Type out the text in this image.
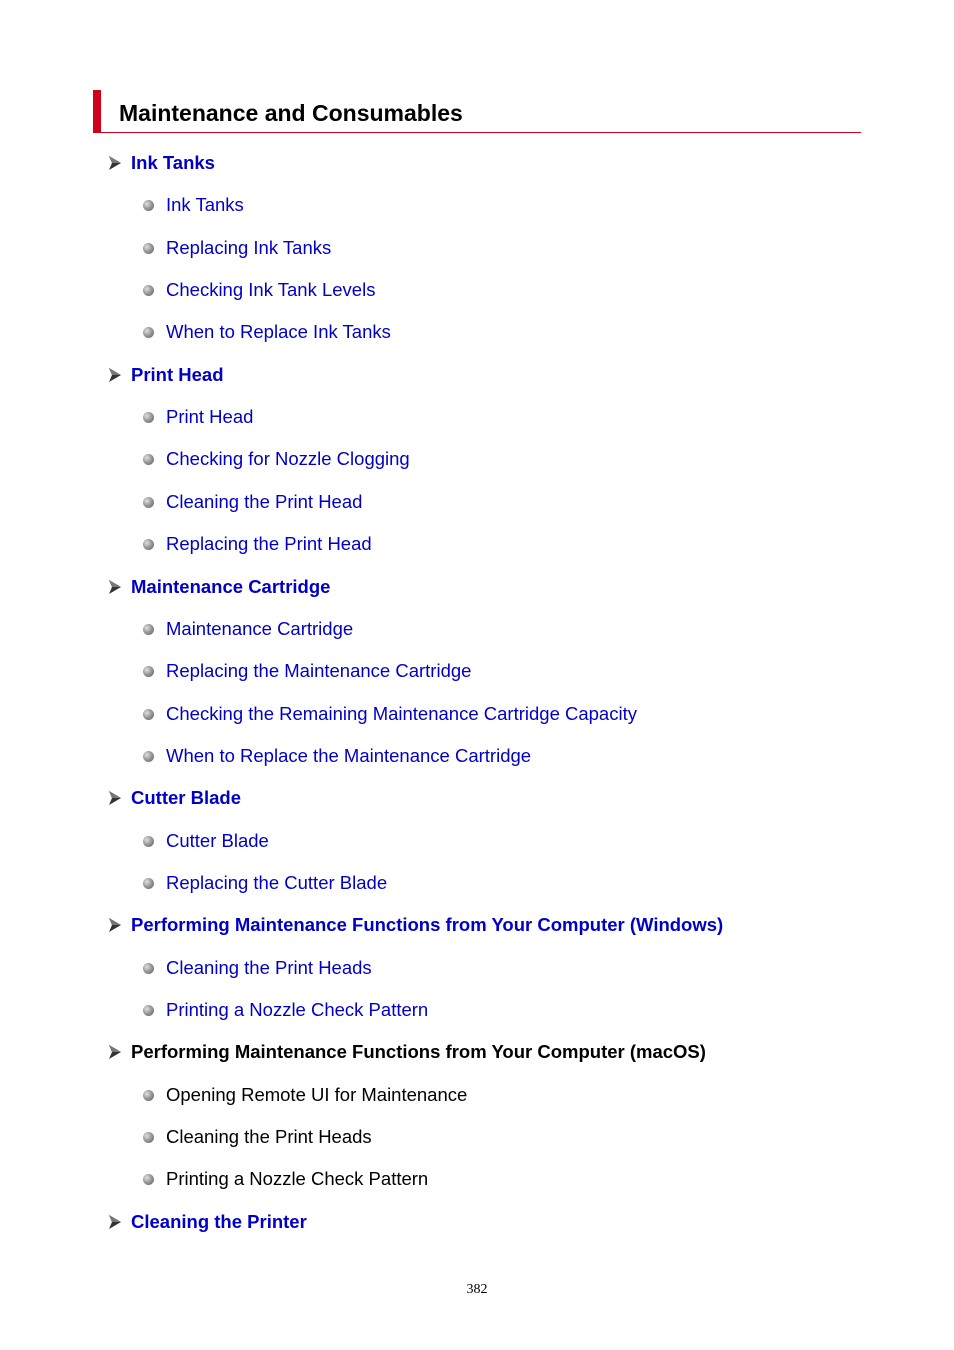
Maintenance and Consumables
Ink Tanks
Ink Tanks
Replacing Ink Tanks
Checking Ink Tank Levels
When to Replace Ink Tanks
Print Head
Print Head
Checking for Nozzle Clogging
Cleaning the Print Head
Replacing the Print Head
Maintenance Cartridge
Maintenance Cartridge
Replacing the Maintenance Cartridge
Checking the Remaining Maintenance Cartridge Capacity
When to Replace the Maintenance Cartridge
Cutter Blade
Cutter Blade
Replacing the Cutter Blade
Performing Maintenance Functions from Your Computer (Windows)
Cleaning the Print Heads
Printing a Nozzle Check Pattern
Performing Maintenance Functions from Your Computer (macOS)
Opening Remote UI for Maintenance
Cleaning the Print Heads
Printing a Nozzle Check Pattern
Cleaning the Printer
382
